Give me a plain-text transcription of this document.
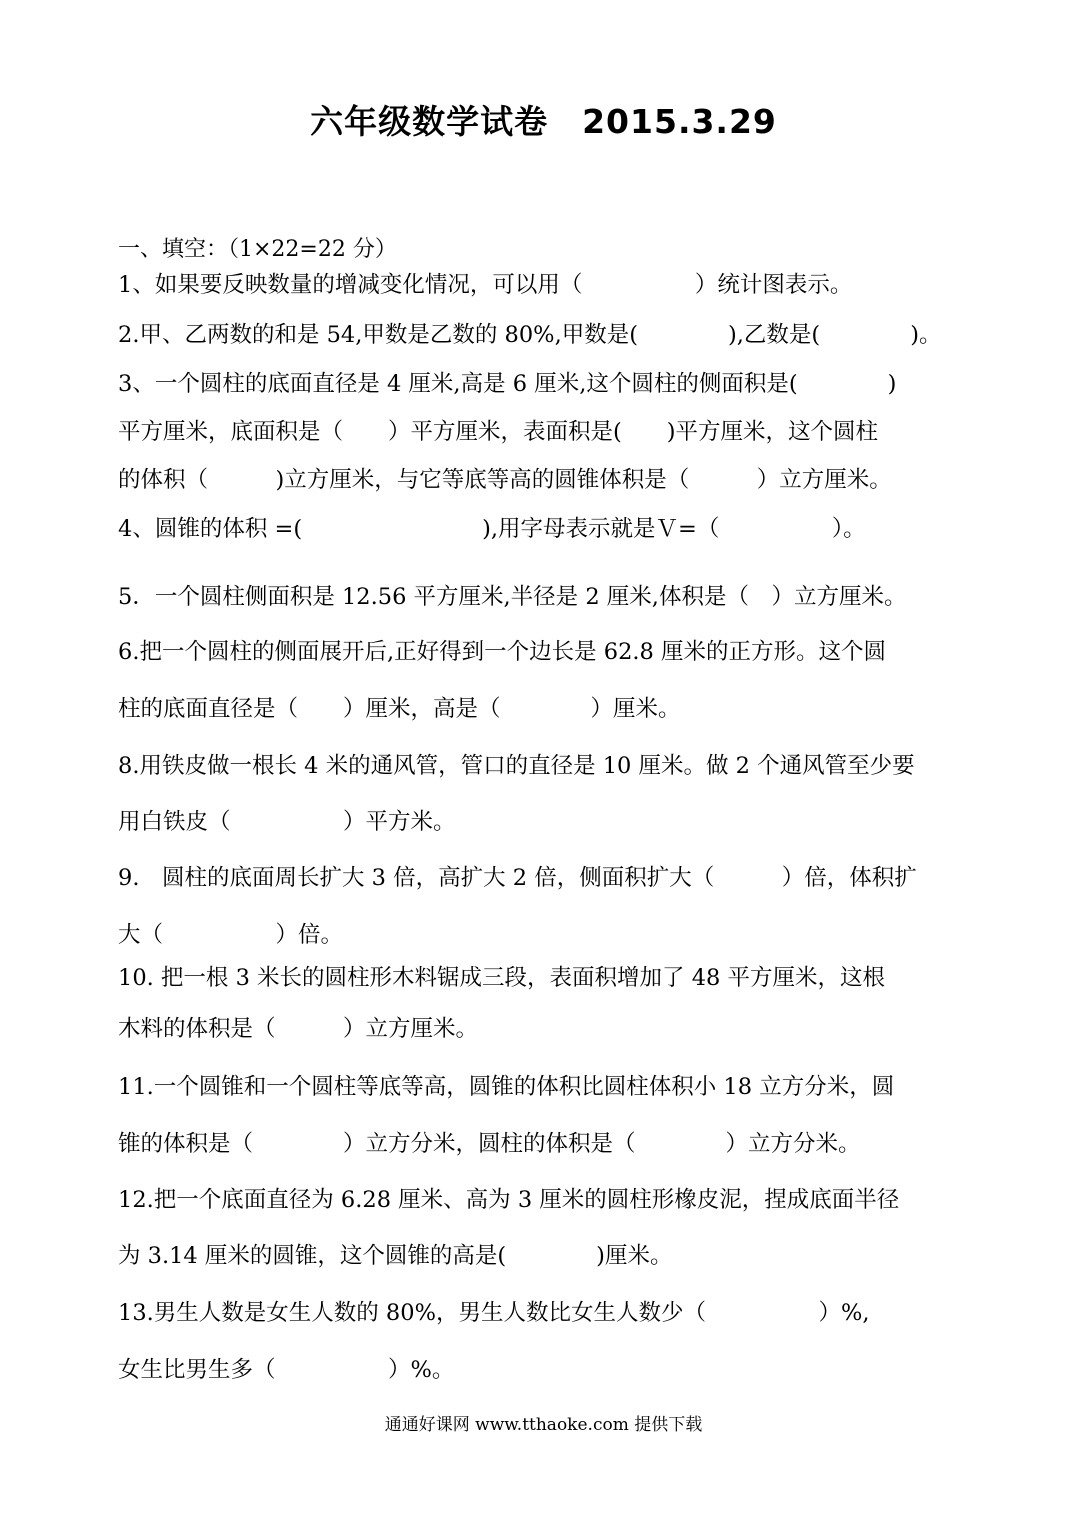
六年级数学试卷　2015.3.29
一、填空：（1×22=22 分）
1、如果要反映数量的增减变化情况，可以用（　　　　　）统计图表示。
2.甲、乙两数的和是 54,甲数是乙数的 80%,甲数是(　　　　),乙数是(　　　　)。
3、一个圆柱的底面直径是 4 厘米,高是 6 厘米,这个圆柱的侧面积是(　　　　)
平方厘米，底面积是（　　）平方厘米，表面积是(　　)平方厘米，这个圆柱
的体积（　　　)立方厘米，与它等底等高的圆锥体积是（　　　）立方厘米。
4、圆锥的体积 =(　　　　　　　　),用字母表示就是Ｖ=（　　　　　）。
5．一个圆柱侧面积是 12.56 平方厘米,半径是 2 厘米,体积是（　）立方厘米。
6.把一个圆柱的侧面展开后,正好得到一个边长是 62.8 厘米的正方形。这个圆
柱的底面直径是（　　）厘米，高是（　　　　）厘米。
8.用铁皮做一根长 4 米的通风管，管口的直径是 10 厘米。做 2 个通风管至少要
用白铁皮（　　　　　）平方米。
9.　圆柱的底面周长扩大 3 倍，高扩大 2 倍，侧面积扩大（　　　）倍，体积扩
大（　　　　　）倍。
10. 把一根 3 米长的圆柱形木料锯成三段，表面积增加了 48 平方厘米，这根
木料的体积是（　　　）立方厘米。
11.一个圆锥和一个圆柱等底等高，圆锥的体积比圆柱体积小 18 立方分米，圆
锥的体积是（　　　　）立方分米，圆柱的体积是（　　　　）立方分米。
12.把一个底面直径为 6.28 厘米、高为 3 厘米的圆柱形橡皮泥，捏成底面半径
为 3.14 厘米的圆锥，这个圆锥的高是(　　　　)厘米。
13.男生人数是女生人数的 80%，男生人数比女生人数少（　　　　　）%,
女生比男生多（　　　　　）%。
通通好课网 www.tthaoke.com 提供下载
